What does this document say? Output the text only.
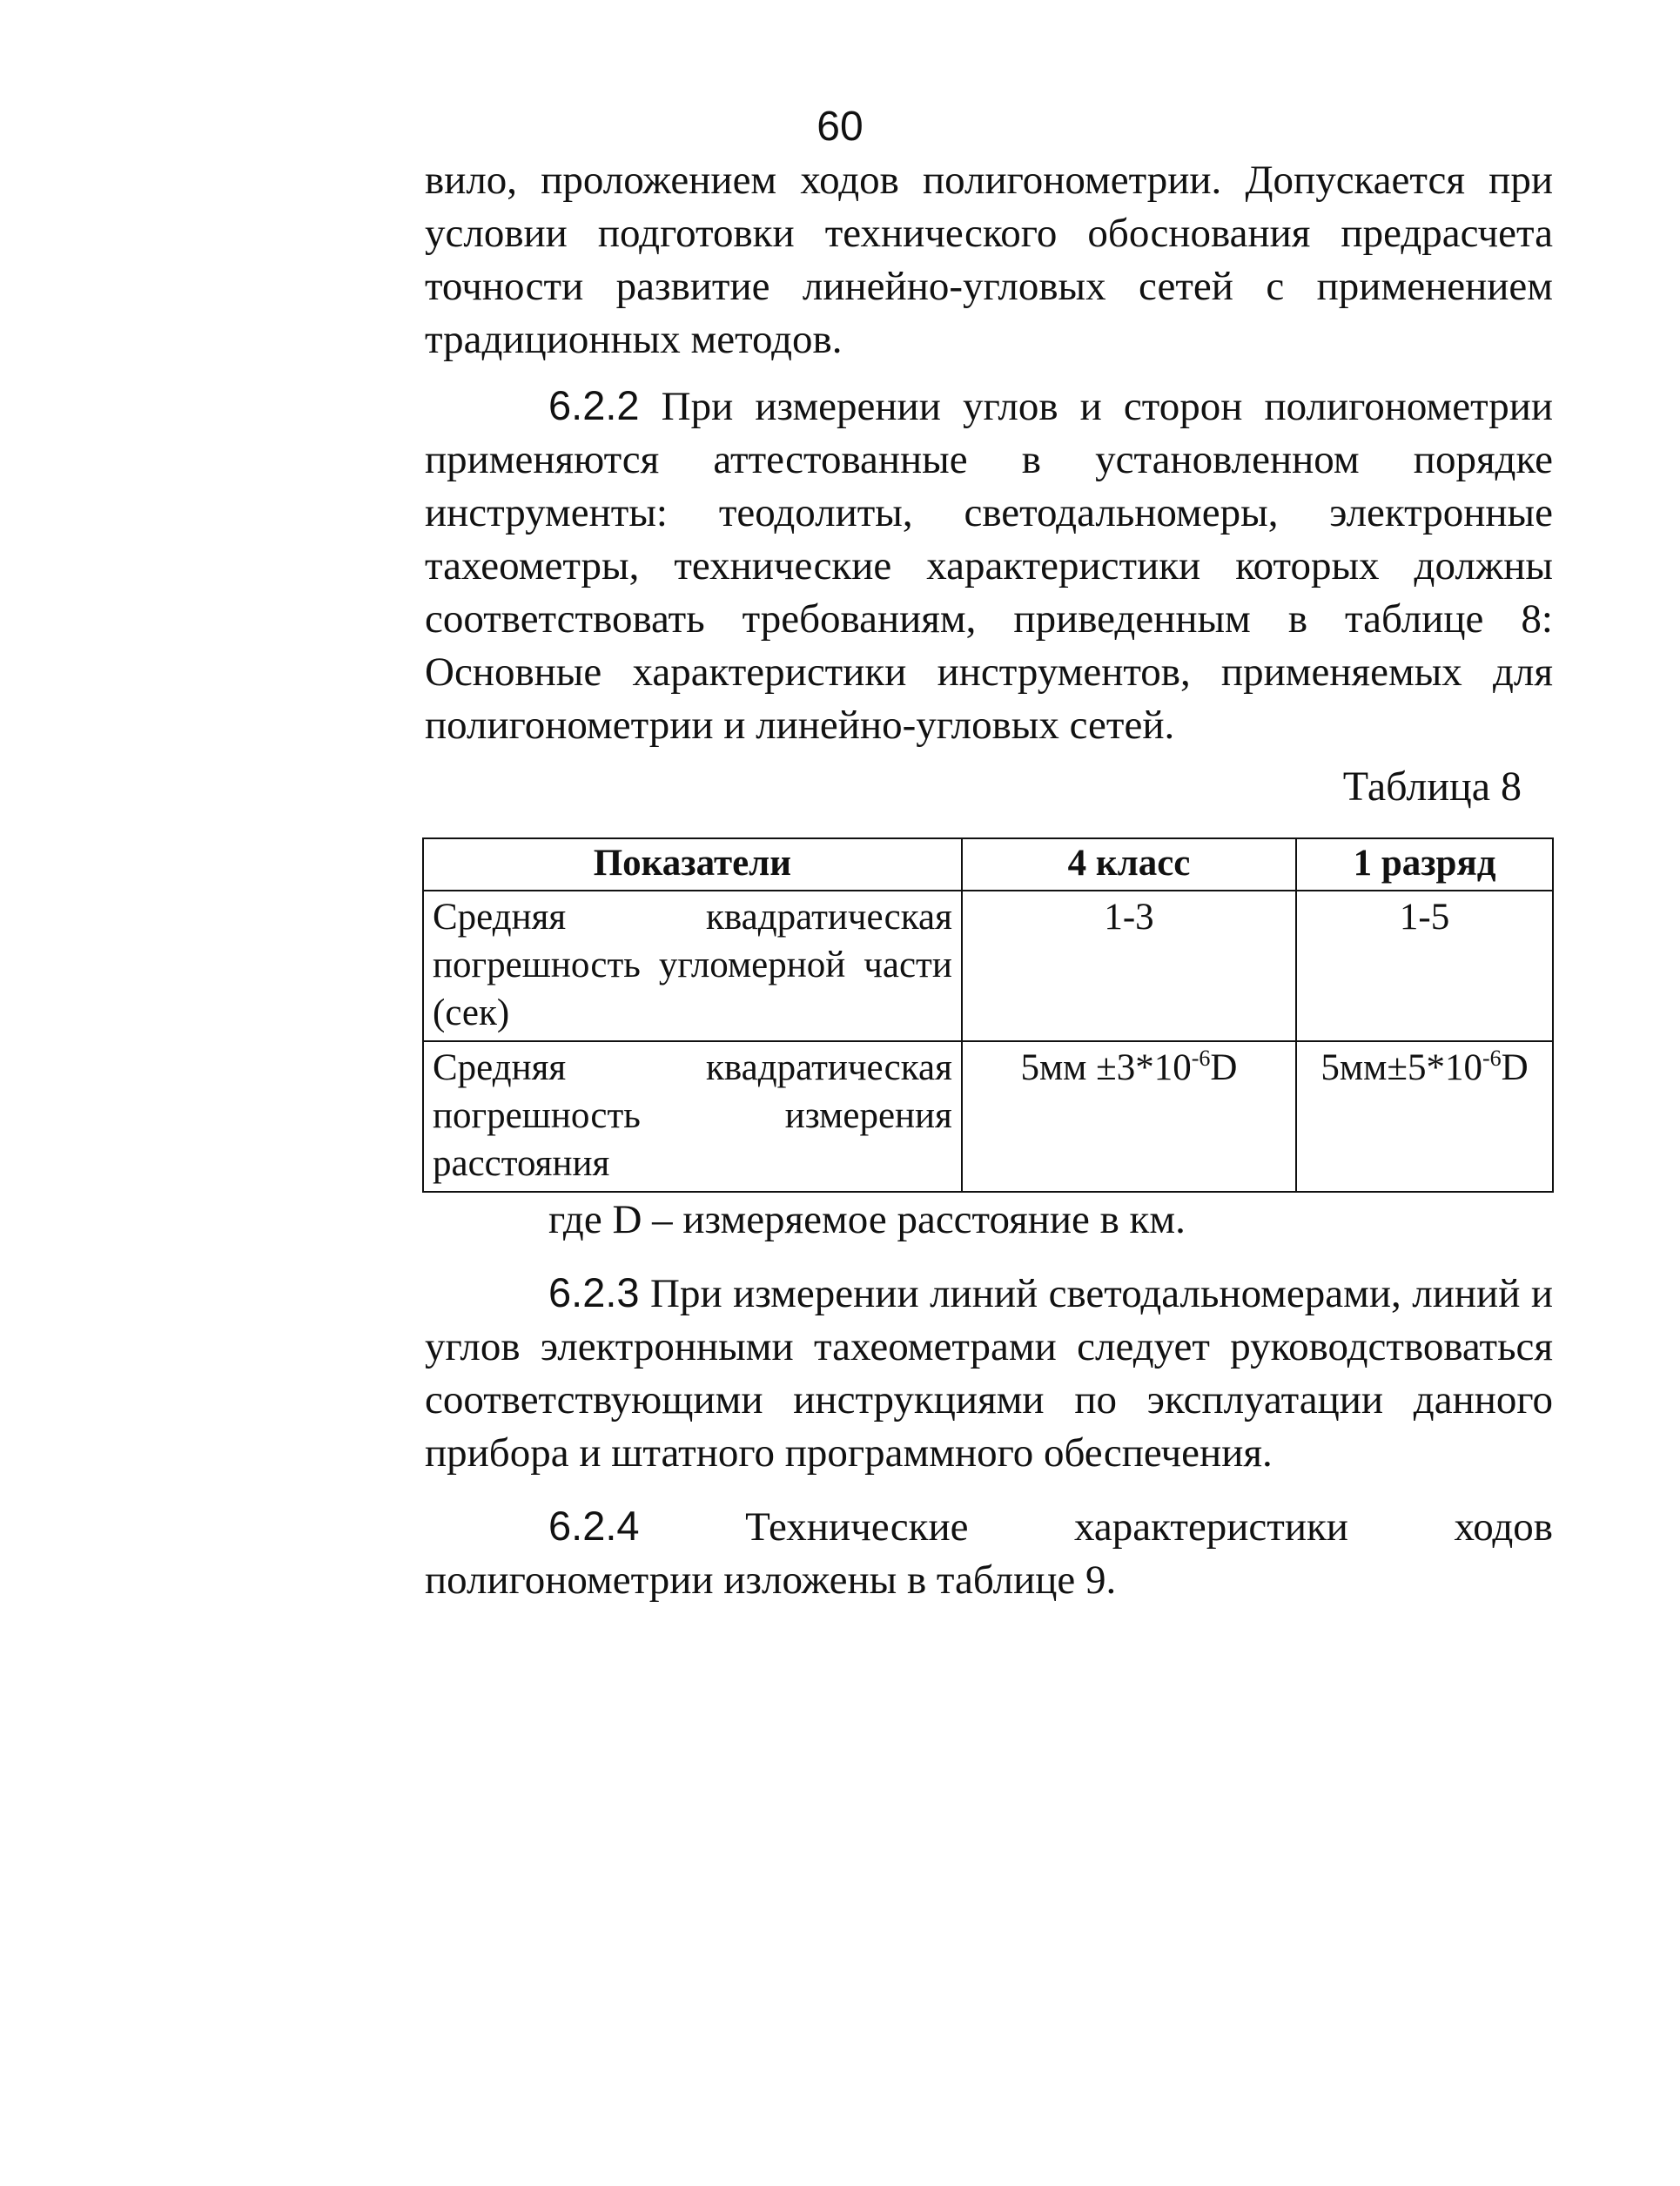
60

вило, проложением ходов полигонометрии. Допускается при условии подготовки технического обоснования предрасчета точности развитие линейно-угловых сетей с применением традиционных методов.

6.2.2 При измерении углов и сторон полигонометрии применяются аттестованные в установленном порядке инструменты: теодолиты, светодальномеры, электронные тахеометры, технические характеристики которых должны соответствовать требованиям, приведенным в таблице 8: Основные характеристики инструментов, применяемых для полигонометрии и линейно-угловых сетей.

Таблица 8
Показатели	4 класс	1 разряд
Средняя квадратическая погрешность угломерной части (сек)	1-3	1-5
Средняя квадратическая погрешность измерения расстояния	$5мм \pm 3*10^{-6}D$	$5мм\pm 5*10^{-6}D$

где D – измеряемое расстояние в км.

6.2.3 При измерении линий светодальномерами, линий и углов электронными тахеометрами следует руководствоваться соответствующими инструкциями по эксплуатации данного прибора и штатного программного обеспечения.

6.2.4 Технические характеристики ходов полигонометрии изложены в таблице 9.
